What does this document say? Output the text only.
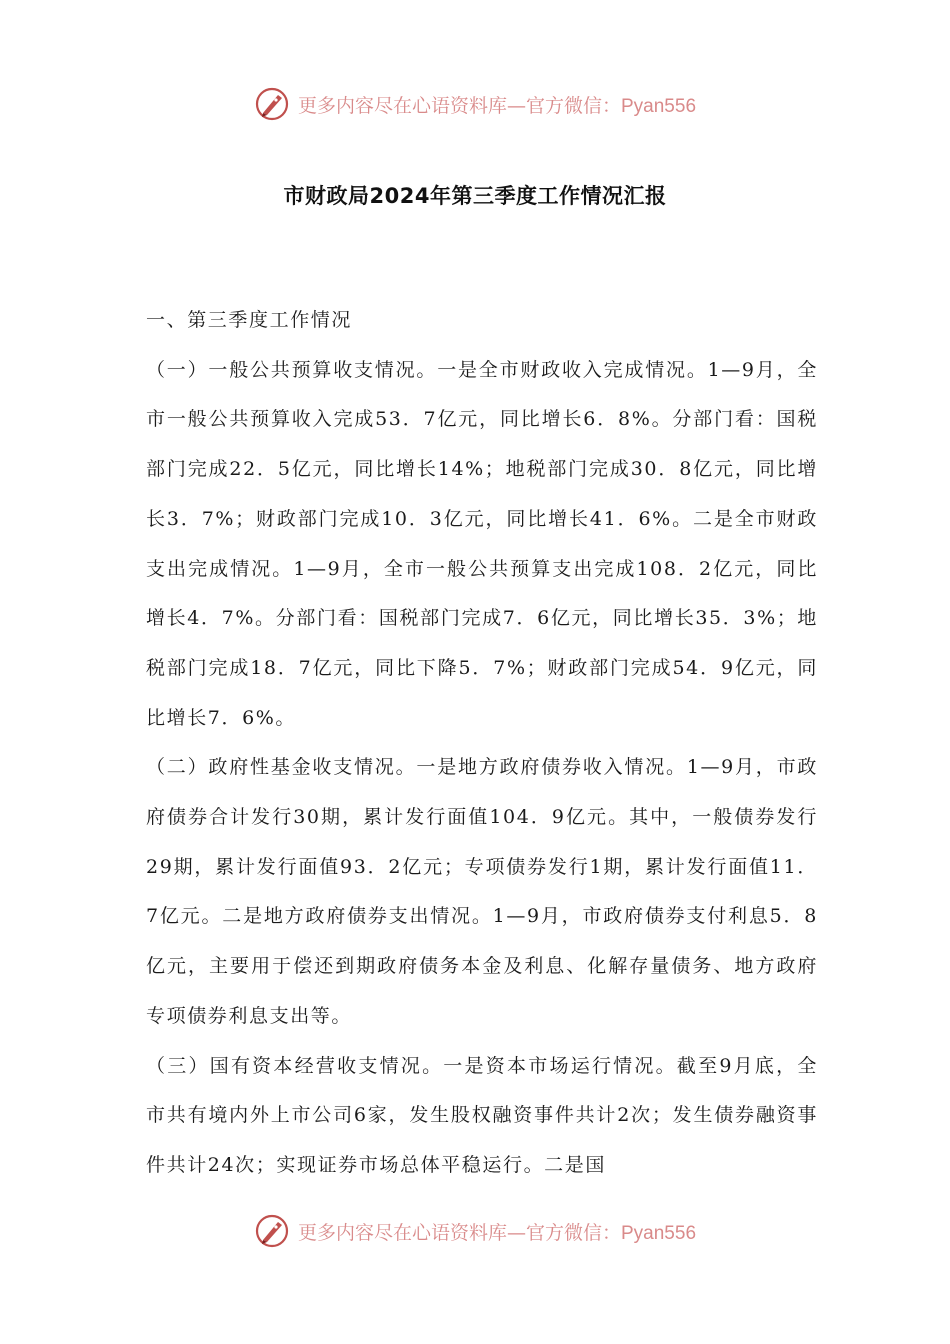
更多内容尽在心语资料库—官方微信：Pyan556
市财政局2024年第三季度工作情况汇报

一、第三季度工作情况

（一）一般公共预算收支情况。一是全市财政收入完成情况。1—9月，全市一般公共预算收入完成53．7亿元，同比增长6．8%。分部门看：国税部门完成22．5亿元，同比增长14%；地税部门完成30．8亿元，同比增长3．7%；财政部门完成10．3亿元，同比增长41．6%。二是全市财政支出完成情况。1—9月，全市一般公共预算支出完成108．2亿元，同比增长4．7%。分部门看：国税部门完成7．6亿元，同比增长35．3%；地税部门完成18．7亿元，同比下降5．7%；财政部门完成54．9亿元，同比增长7．6%。

（二）政府性基金收支情况。一是地方政府债券收入情况。1—9月，市政府债券合计发行30期，累计发行面值104．9亿元。其中，一般债券发行29期，累计发行面值93．2亿元；专项债券发行1期，累计发行面值11．7亿元。二是地方政府债券支出情况。1—9月，市政府债券支付利息5．8亿元，主要用于偿还到期政府债务本金及利息、化解存量债务、地方政府专项债券利息支出等。

（三）国有资本经营收支情况。一是资本市场运行情况。截至9月底，全市共有境内外上市公司6家，发生股权融资事件共计2次；发生债券融资事件共计24次；实现证券市场总体平稳运行。二是国

更多内容尽在心语资料库—官方微信：Pyan556
